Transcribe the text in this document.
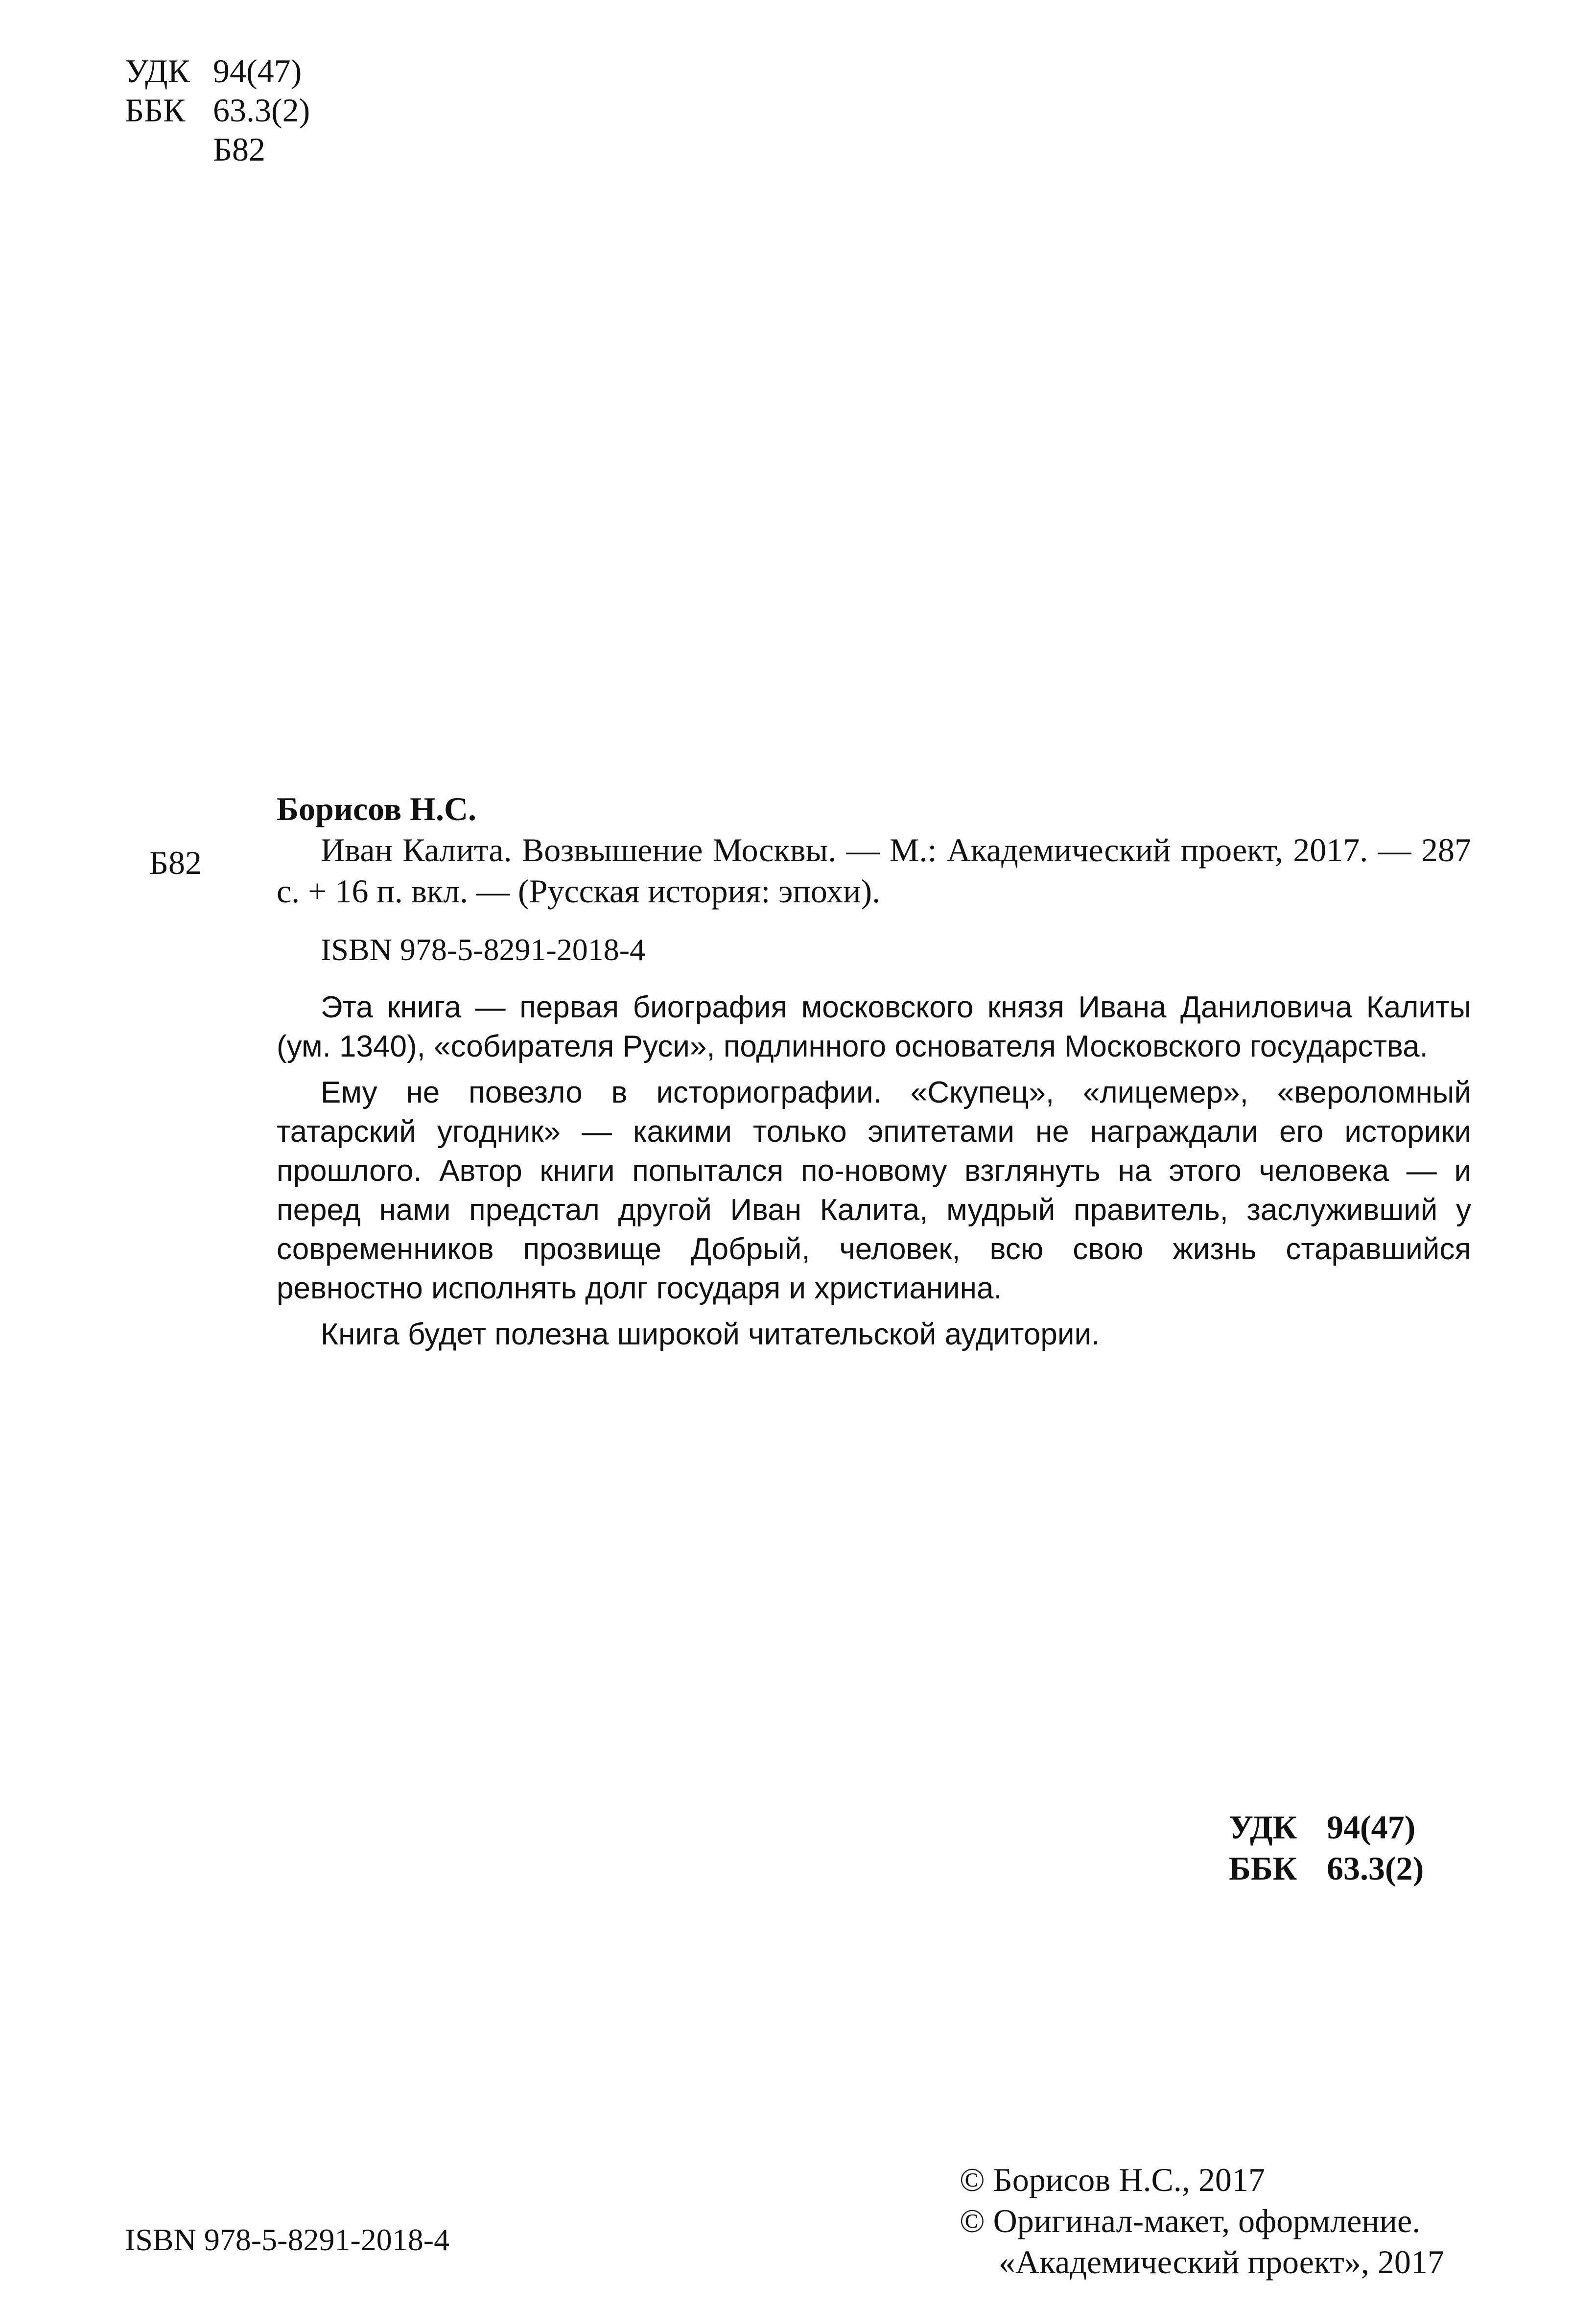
УДК 94(47)
ББК 63.3(2)
Б82
Б82
Борисов Н.С.
Иван Калита. Возвышение Москвы. — М.: Академический проект, 2017. — 287 с. + 16 п. вкл. — (Русская история: эпохи).
ISBN 978-5-8291-2018-4

Эта книга — первая биография московского князя Ивана Даниловича Калиты (ум. 1340), «собирателя Руси», подлинного основателя Московского государства.

Ему не повезло в историографии. «Скупец», «лицемер», «вероломный татарский угодник» — какими только эпитетами не награждали его историки прошлого. Автор книги попытался по-новому взглянуть на этого человека — и перед нами предстал другой Иван Калита, мудрый правитель, заслуживший у современников прозвище Добрый, человек, всю свою жизнь старавшийся ревностно исполнять долг государя и христианина.

Книга будет полезна широкой читательской аудитории.

УДК 94(47)
ББК 63.3(2)
ISBN 978-5-8291-2018-4
© Борисов Н.С., 2017
© Оригинал-макет, оформление.
«Академический проект», 2017
